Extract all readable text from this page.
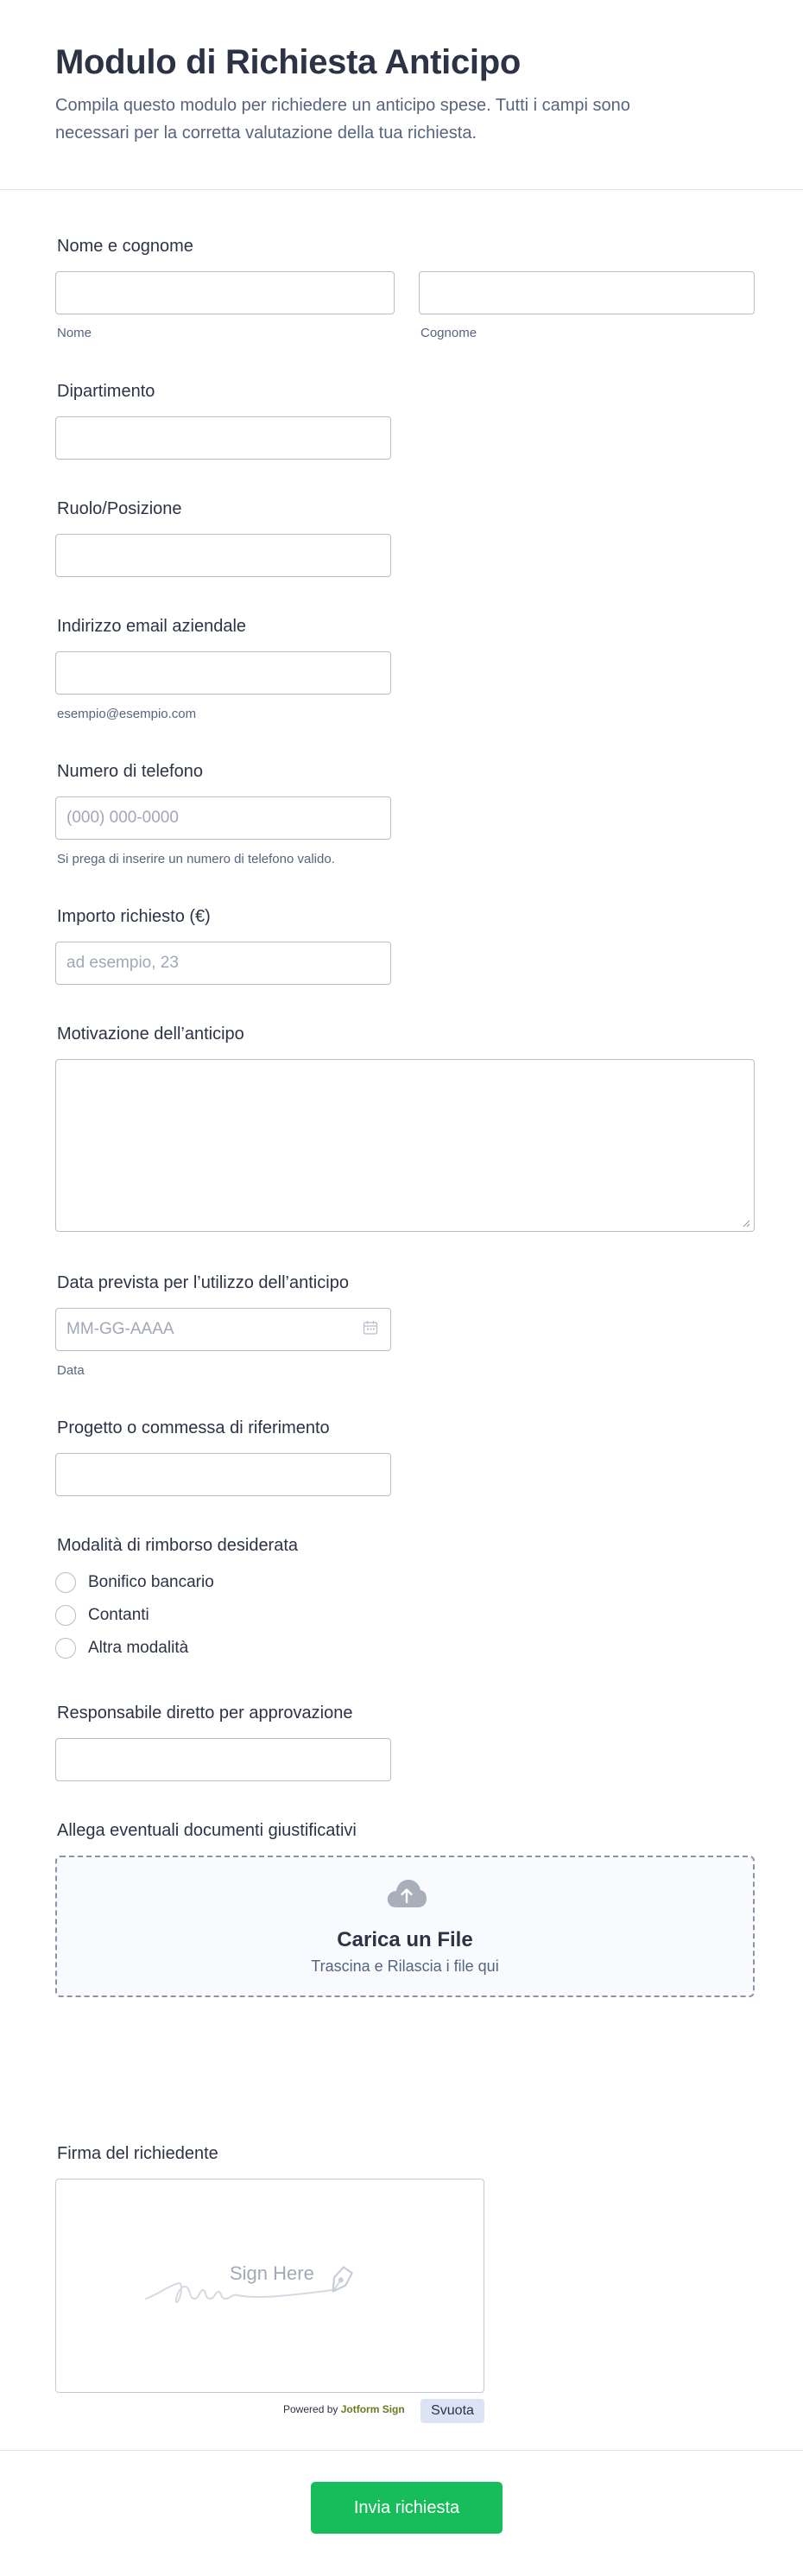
Modulo di Richiesta Anticipo
Compila questo modulo per richiedere un anticipo spese. Tutti i campi sono necessari per la corretta valutazione della tua richiesta.
Nome e cognome
Nome	Cognome
Dipartimento
Ruolo/Posizione
Indirizzo email aziendale
esempio@esempio.com
Numero di telefono
(000) 000-0000
Si prega di inserire un numero di telefono valido.
Importo richiesto (€)
ad esempio, 23
Motivazione dell’anticipo
Data prevista per l’utilizzo dell’anticipo
MM-GG-AAAA
Data
Progetto o commessa di riferimento
Modalità di rimborso desiderata
Bonifico bancario
Contanti
Altra modalità
Responsabile diretto per approvazione
Allega eventuali documenti giustificativi
Carica un File
Trascina e Rilascia i file qui
Firma del richiedente
Sign Here
Powered by Jotform Sign	Svuota
Invia richiesta
